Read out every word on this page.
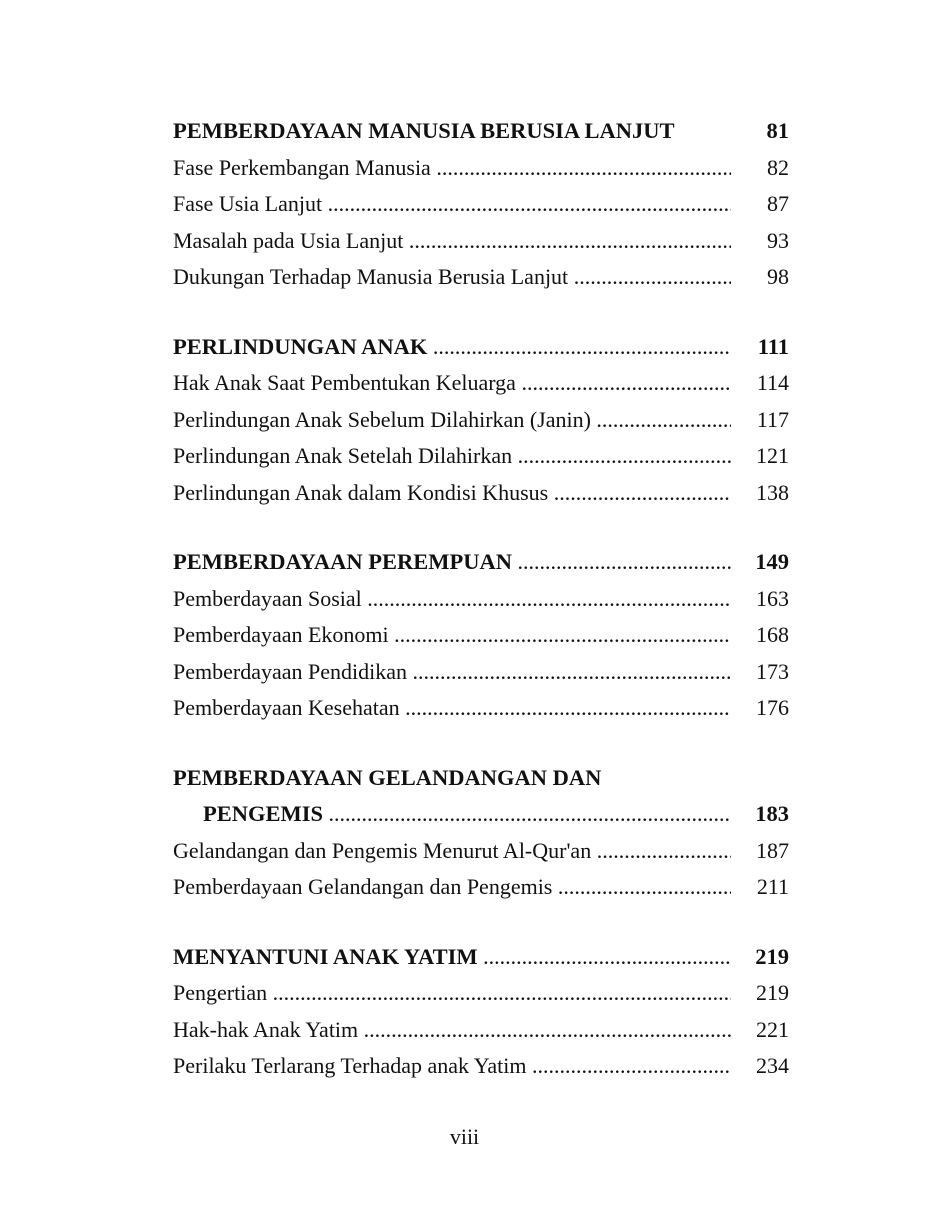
PEMBERDAYAAN MANUSIA BERUSIA LANJUT	81
Fase Perkembangan Manusia .....	82
Fase Usia Lanjut .....	87
Masalah pada Usia Lanjut .....	93
Dukungan Terhadap Manusia Berusia Lanjut .....	98
PERLINDUNGAN ANAK .....	111
Hak Anak Saat Pembentukan Keluarga .....	114
Perlindungan Anak Sebelum Dilahirkan (Janin) .....	117
Perlindungan Anak Setelah Dilahirkan .....	121
Perlindungan Anak dalam Kondisi Khusus .....	138
PEMBERDAYAAN PEREMPUAN .....	149
Pemberdayaan Sosial .....	163
Pemberdayaan Ekonomi .....	168
Pemberdayaan Pendidikan .....	173
Pemberdayaan Kesehatan .....	176
PEMBERDAYAAN GELANDANGAN DAN
PENGEMIS .....	183
Gelandangan dan Pengemis Menurut Al-Qur'an .....	187
Pemberdayaan Gelandangan dan Pengemis .....	211
MENYANTUNI ANAK YATIM .....	219
Pengertian .....	219
Hak-hak Anak Yatim .....	221
Perilaku Terlarang Terhadap anak Yatim .....	234
viii
